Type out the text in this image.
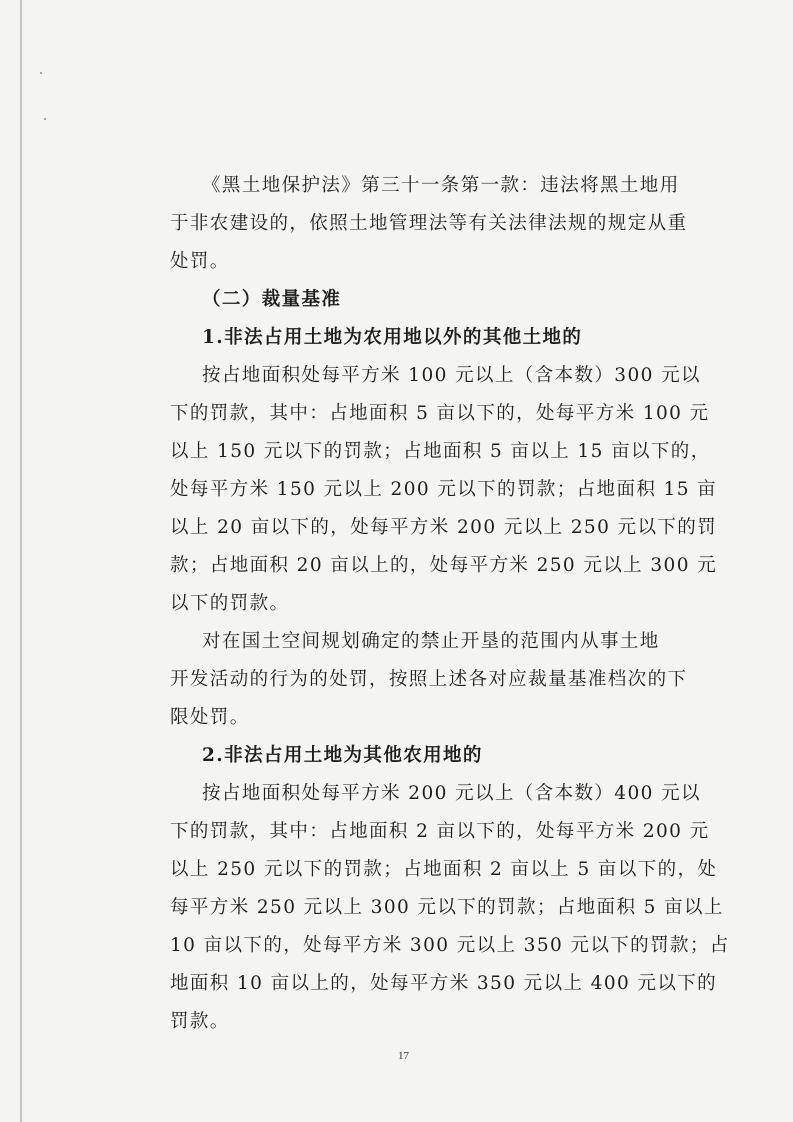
《黑土地保护法》第三十一条第一款：违法将黑土地用
于非农建设的，依照土地管理法等有关法律法规的规定从重
处罚。
（二）裁量基准
1.非法占用土地为农用地以外的其他土地的
按占地面积处每平方米 100 元以上（含本数）300 元以
下的罚款，其中：占地面积 5 亩以下的，处每平方米 100 元
以上 150 元以下的罚款；占地面积 5 亩以上 15 亩以下的，
处每平方米 150 元以上 200 元以下的罚款；占地面积 15 亩
以上 20 亩以下的，处每平方米 200 元以上 250 元以下的罚
款；占地面积 20 亩以上的，处每平方米 250 元以上 300 元
以下的罚款。
对在国土空间规划确定的禁止开垦的范围内从事土地
开发活动的行为的处罚，按照上述各对应裁量基准档次的下
限处罚。
2.非法占用土地为其他农用地的
按占地面积处每平方米 200 元以上（含本数）400 元以
下的罚款，其中：占地面积 2 亩以下的，处每平方米 200 元
以上 250 元以下的罚款；占地面积 2 亩以上 5 亩以下的，处
每平方米 250 元以上 300 元以下的罚款；占地面积 5 亩以上
10 亩以下的，处每平方米 300 元以上 350 元以下的罚款；占
地面积 10 亩以上的，处每平方米 350 元以上 400 元以下的
罚款。
17
